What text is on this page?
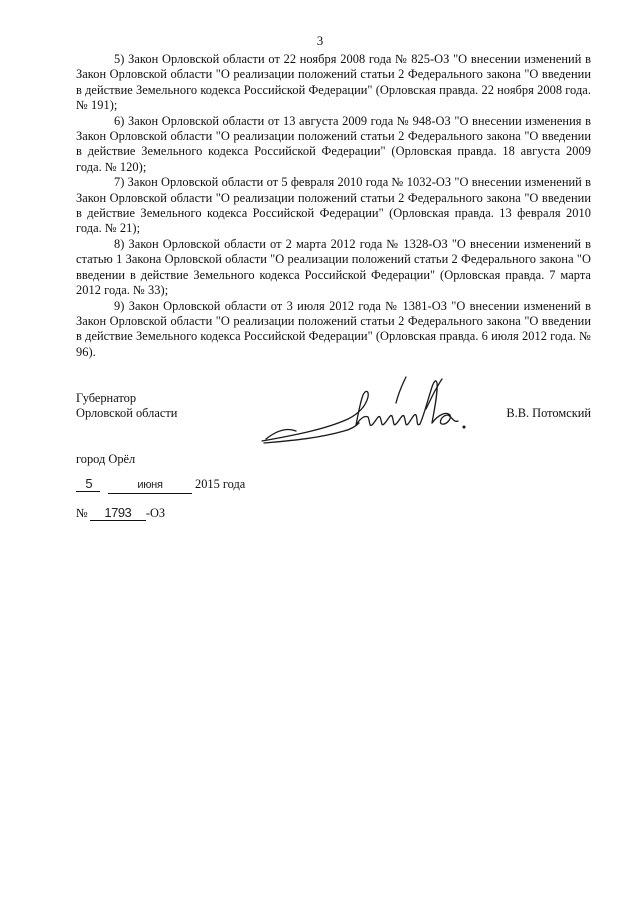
3

5) Закон Орловской области от 22 ноября 2008 года № 825-ОЗ "О внесении изменений в Закон Орловской области "О реализации положений статьи 2 Федерального закона "О введении в действие Земельного кодекса Российской Федерации" (Орловская правда. 22 ноября 2008 года. № 191);

6) Закон Орловской области от 13 августа 2009 года № 948-ОЗ "О внесении изменения в Закон Орловской области "О реализации положений статьи 2 Федерального закона "О введении в действие Земельного кодекса Российской Федерации" (Орловская правда. 18 августа 2009 года. № 120);

7) Закон Орловской области от 5 февраля 2010 года № 1032-ОЗ "О внесении изменений в Закон Орловской области "О реализации положений статьи 2 Федерального закона "О введении в действие Земельного кодекса Российской Федерации" (Орловская правда. 13 февраля 2010 года. № 21);

8) Закон Орловской области от 2 марта 2012 года № 1328-ОЗ "О внесении изменений в статью 1 Закона Орловской области "О реализации положений статьи 2 Федерального закона "О введении в действие Земельного кодекса Российской Федерации" (Орловская правда. 7 марта 2012 года. № 33);

9) Закон Орловской области от 3 июля 2012 года № 1381-ОЗ "О внесении изменений в Закон Орловской области "О реализации положений статьи 2 Федерального закона "О введении в действие Земельного кодекса Российской Федерации" (Орловская правда. 6 июля 2012 года. № 96).

Губернатор
Орловской области	В.В. Потомский
город Орёл
5	июня	2015 года
№ 1793 -ОЗ
